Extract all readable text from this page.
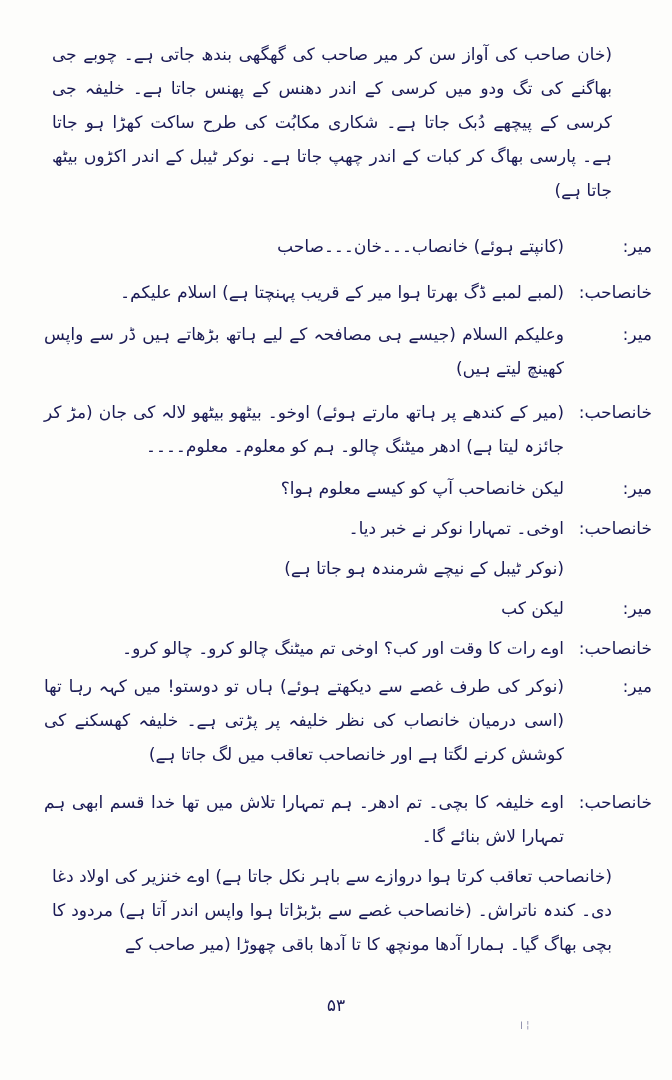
(خان صاحب کی آواز سن کر میر صاحب کی گھگھی بندھ جاتی ہے۔ چوبے جی بھاگنے کی تگ ودو میں کرسی کے اندر دھنس کے پھنس جاتا ہے۔ خلیفہ جی کرسی کے پیچھے دُبک جاتا ہے۔ شکاری مکابُت کی طرح ساکت کھڑا ہو جاتا ہے۔ پارسی بھاگ کر کبات کے اندر چھپ جاتا ہے۔ نوکر ٹیبل کے اندر اکڑوں بیٹھ جاتا ہے)
میر:
(کانپتے ہوئے) خانصاب۔۔۔خان۔۔۔صاحب
خانصاحب:
(لمبے لمبے ڈگ بھرتا ہوا میر کے قریب پہنچتا ہے) اسلام علیکم۔
میر:
وعلیکم السلام (جیسے ہی مصافحہ کے لیے ہاتھ بڑھاتے ہیں ڈر سے واپس کھینچ لیتے ہیں)
خانصاحب:
(میر کے کندھے پر ہاتھ مارتے ہوئے) اوخو۔ بیٹھو بیٹھو لالہ کی جان (مڑ کر جائزہ لیتا ہے) ادھر میٹنگ چالو۔ ہم کو معلوم۔ معلوم۔۔۔۔
میر:
لیکن خانصاحب آپ کو کیسے معلوم ہوا؟
خانصاحب:
اوخی۔ تمہارا نوکر نے خبر دیا۔
(نوکر ٹیبل کے نیچے شرمندہ ہو جاتا ہے)
میر:
لیکن کب
خانصاحب:
اوے رات کا وقت اور کب؟ اوخی تم میٹنگ چالو کرو۔ چالو کرو۔
میر:
(نوکر کی طرف غصے سے دیکھتے ہوئے) ہاں تو دوستو! میں کہہ رہا تھا (اسی درمیان خانصاب کی نظر خلیفہ پر پڑتی ہے۔ خلیفہ کھسکنے کی کوشش کرنے لگتا ہے اور خانصاحب تعاقب میں لگ جاتا ہے)
خانصاحب:
اوے خلیفہ کا بچی۔ تم ادھر۔ ہم تمہارا تلاش میں تھا خدا قسم ابھی ہم تمہارا لاش بنائے گا۔
(خانصاحب تعاقب کرتا ہوا دروازے سے باہر نکل جاتا ہے) اوے خنزیر کی اولاد دغا دی۔ کندہ ناتراش۔ (خانصاحب غصے سے بڑبڑاتا ہوا واپس اندر آتا ہے) مردود کا بچی بھاگ گیا۔ ہمارا آدھا مونچھ کا تا آدھا باقی چھوڑا (میر صاحب کے
۵۳
¦ ׀
